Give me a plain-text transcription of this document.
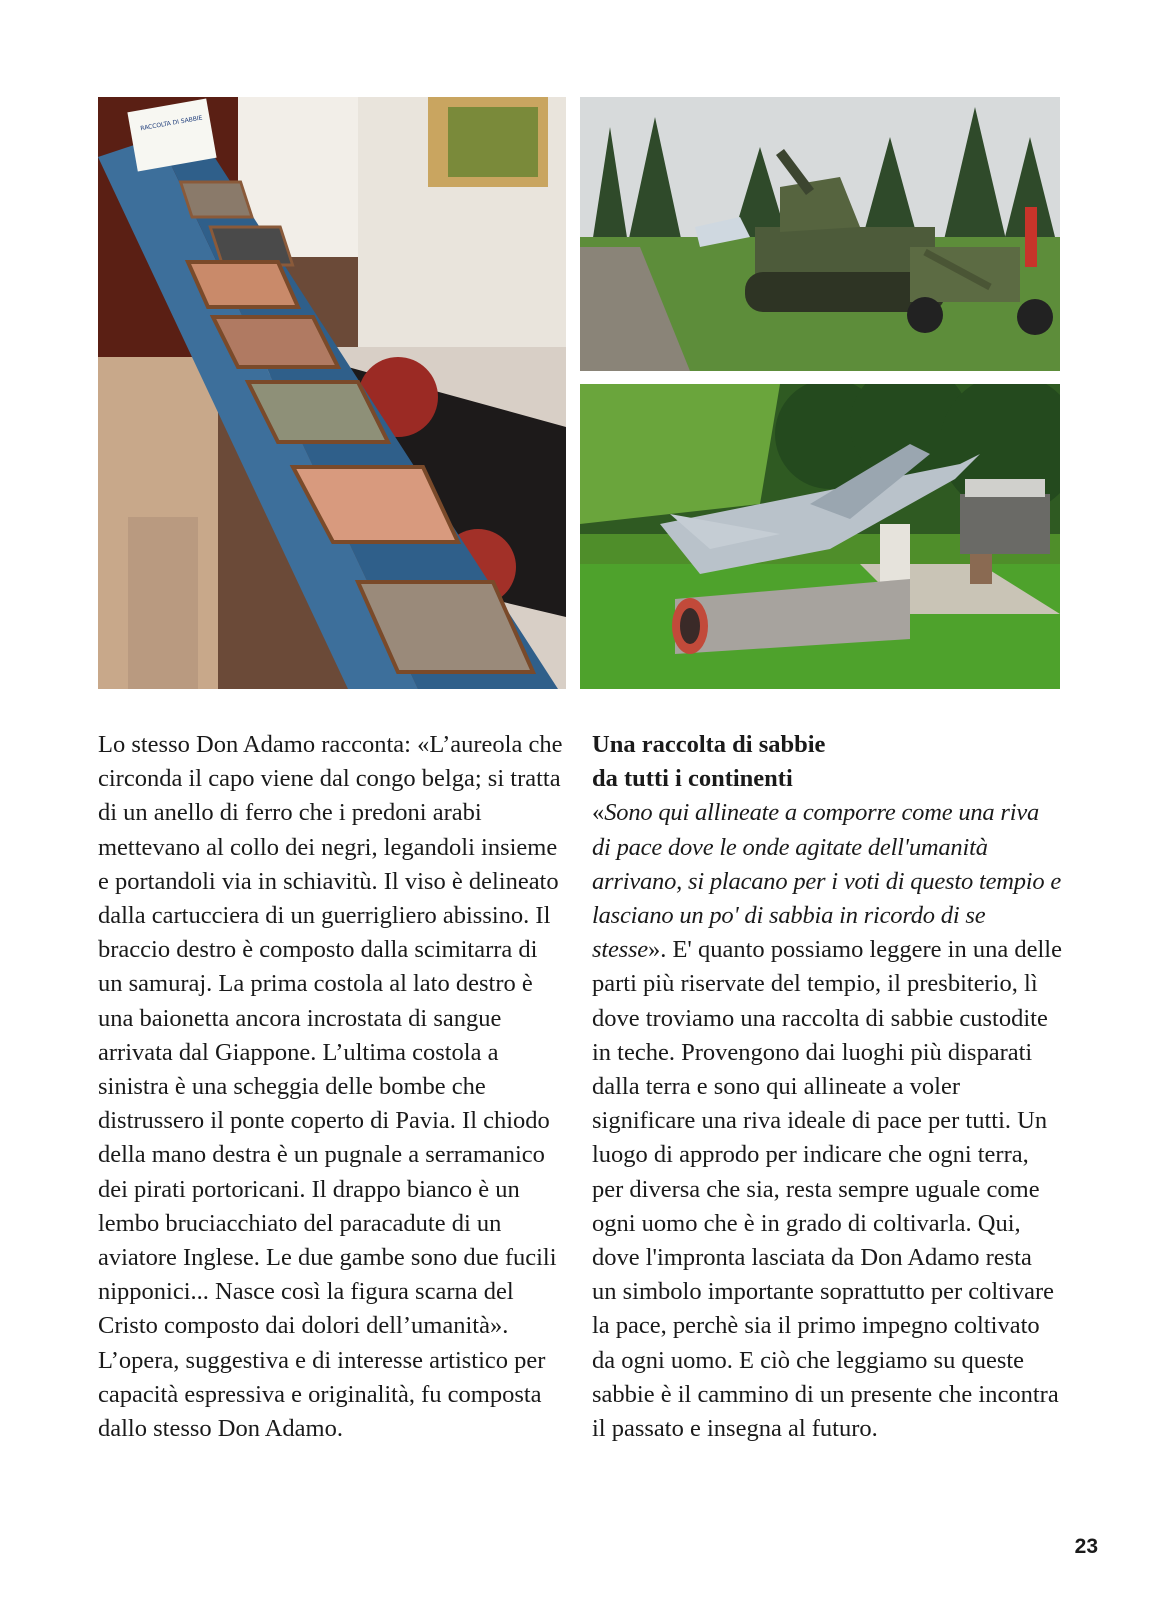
RACCOLTA DI SABBIE

Lo stesso Don Adamo racconta: «L’aureola che circonda il capo viene dal congo belga; si tratta di un anello di ferro che i predoni arabi mettevano al collo dei negri, legandoli insieme e portandoli via in schiavitù. Il viso è delineato dalla cartucciera di un guerrigliero abissino. Il braccio destro è composto dalla scimitarra di un samuraj. La prima costola al lato destro è una baionetta ancora incrostata di sangue arrivata dal Giappone. L’ultima costola a sinistra è una scheggia delle bombe che distrussero il ponte coperto di Pavia. Il chiodo della mano destra è un pugnale a serramanico dei pirati portoricani. Il drappo bianco è un lembo bruciacchiato del paracadute di un aviatore Inglese. Le due gambe sono due fucili nipponici... Nasce così la figura scarna del Cristo composto dai dolori dell’umanità». L’opera, suggestiva e di interesse artistico per capacità espressiva e originalità, fu composta dallo stesso Don Adamo.

Una raccolta di sabbie
da tutti i continenti

«Sono qui allineate a comporre come una riva di pace dove le onde agitate dell'umanità arrivano, si placano per i voti di questo tempio e lasciano un po' di sabbia in ricordo di se stesse». E' quanto possiamo leggere in una delle parti più riservate del tempio, il presbiterio, lì dove troviamo una raccolta di sabbie custodite in teche. Provengono dai luoghi più disparati dalla terra e sono qui allineate a voler significare una riva ideale di pace per tutti. Un luogo di approdo per indicare che ogni terra, per diversa che sia, resta sempre uguale come ogni uomo che è in grado di coltivarla. Qui, dove l'impronta lasciata da Don Adamo resta un simbolo importante soprattutto per coltivare la pace, perchè sia il primo impegno coltivato da ogni uomo. E ciò che leggiamo su queste sabbie è il cammino di un presente che incontra il passato e insegna al futuro.

23
